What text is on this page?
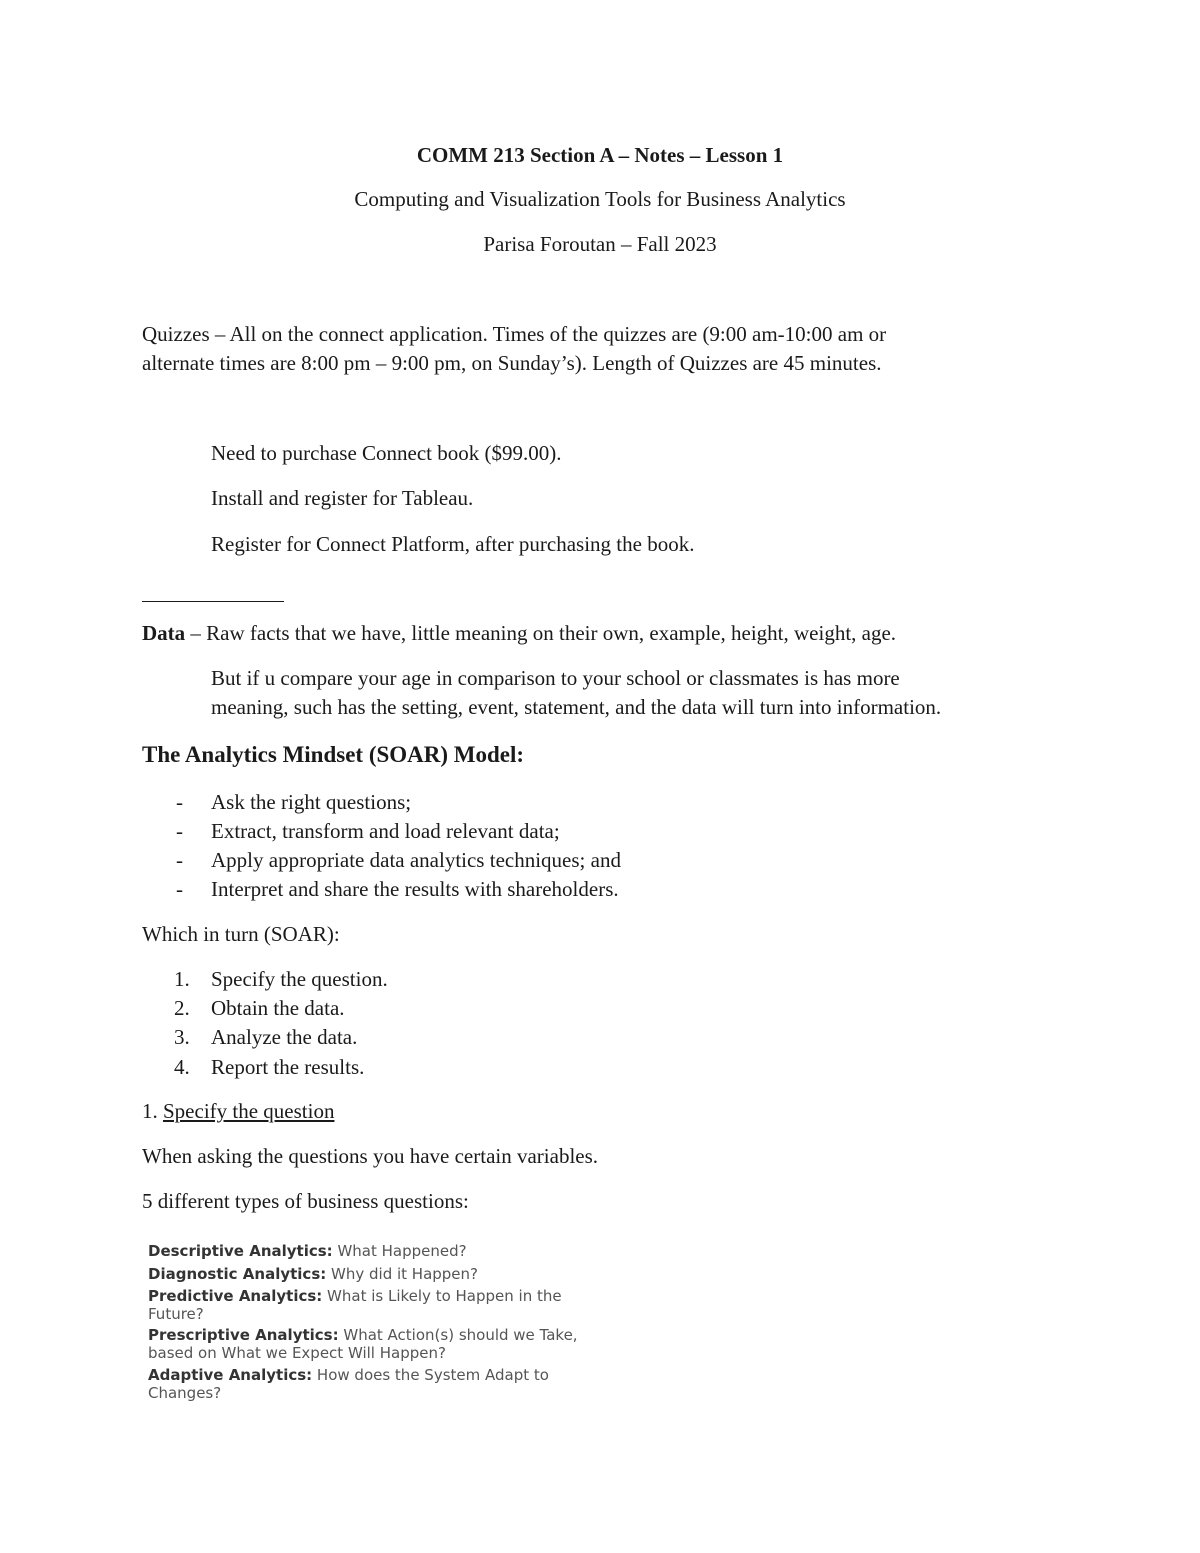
COMM 213 Section A – Notes – Lesson 1
Computing and Visualization Tools for Business Analytics
Parisa Foroutan – Fall 2023
Quizzes – All on the connect application. Times of the quizzes are (9:00 am-10:00 am or
alternate times are 8:00 pm – 9:00 pm, on Sunday’s). Length of Quizzes are 45 minutes.
Need to purchase Connect book ($99.00).
Install and register for Tableau.
Register for Connect Platform, after purchasing the book.
Data – Raw facts that we have, little meaning on their own, example, height, weight, age.
But if u compare your age in comparison to your school or classmates is has more
meaning, such has the setting, event, statement, and the data will turn into information.
The Analytics Mindset (SOAR) Model:
- Ask the right questions;
- Extract, transform and load relevant data;
- Apply appropriate data analytics techniques; and
- Interpret and share the results with shareholders.
Which in turn (SOAR):
1. Specify the question.
2. Obtain the data.
3. Analyze the data.
4. Report the results.
1. Specify the question
When asking the questions you have certain variables.
5 different types of business questions:
Descriptive Analytics: What Happened?
Diagnostic Analytics: Why did it Happen?
Predictive Analytics: What is Likely to Happen in the Future?
Prescriptive Analytics: What Action(s) should we Take, based on What we Expect Will Happen?
Adaptive Analytics: How does the System Adapt to Changes?
